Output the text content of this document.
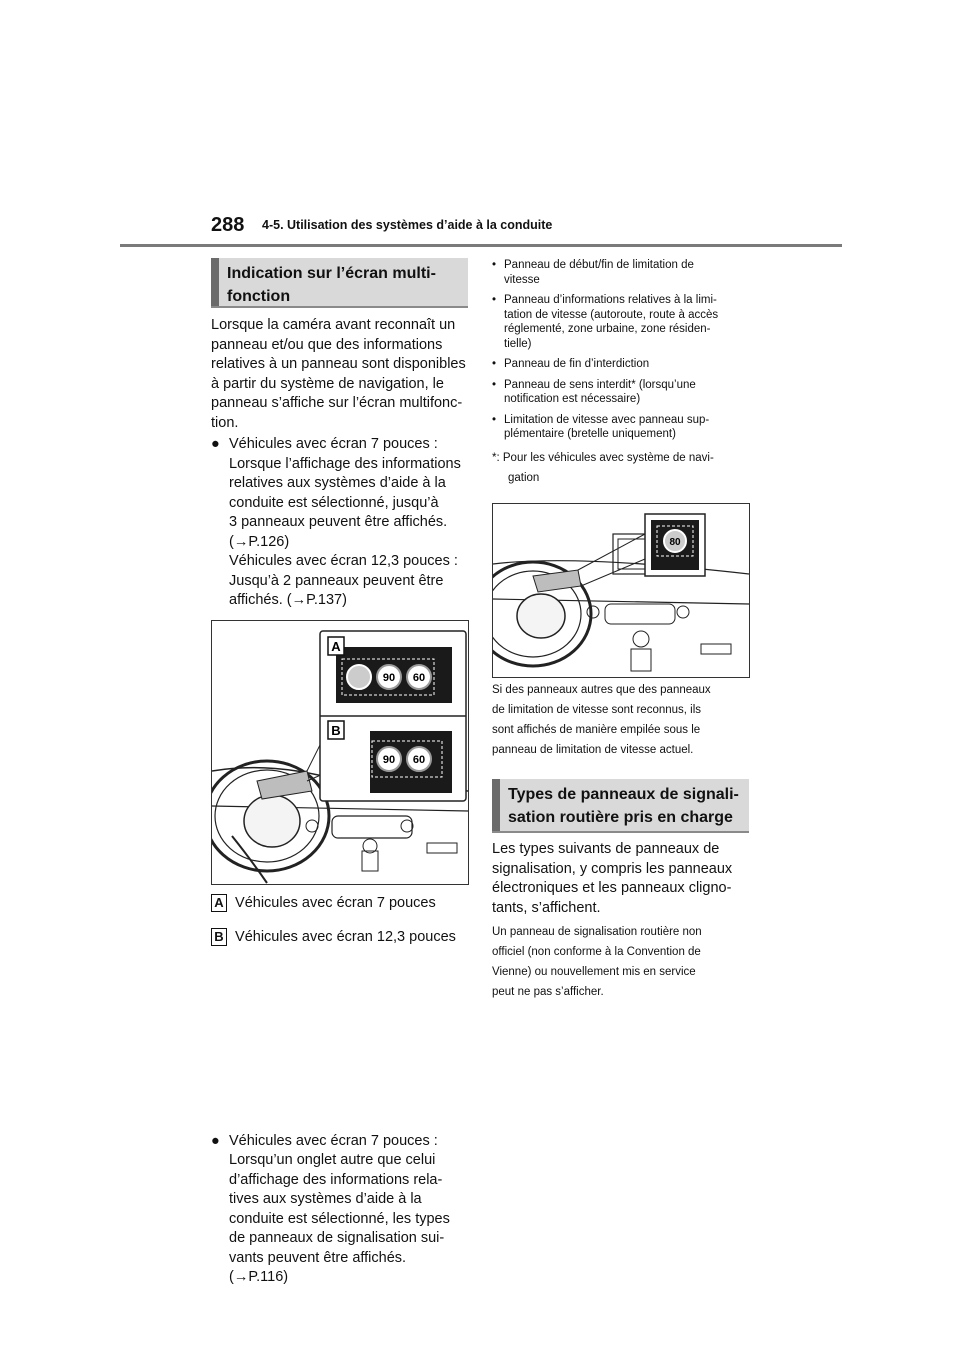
288 4-5. Utilisation des systèmes d’aide à la conduite
Indication sur l’écran multi-
fonction
Lorsque la caméra avant reconnaît un
panneau et/ou que des informations
relatives à un panneau sont disponibles
à partir du système de navigation, le
panneau s’affiche sur l’écran multifonc-
tion.
● Véhicules avec écran 7 pouces :
Lorsque l’affichage des informations
relatives aux systèmes d’aide à la
conduite est sélectionné, jusqu’à
3 panneaux peuvent être affichés.
(→P.126)
Véhicules avec écran 12,3 pouces :
Jusqu’à 2 panneaux peuvent être
affichés. (→P.137)
90 60
90 60
A
B
A Véhicules avec écran 7 pouces
B Véhicules avec écran 12,3 pouces
● Véhicules avec écran 7 pouces :
Lorsqu’un onglet autre que celui
d’affichage des informations rela-
tives aux systèmes d’aide à la
conduite est sélectionné, les types
de panneaux de signalisation sui-
vants peuvent être affichés.
(→P.116)
• Panneau de début/fin de limitation de
vitesse
• Panneau d’informations relatives à la limi-
tation de vitesse (autoroute, route à accès
réglementé, zone urbaine, zone résiden-
tielle)
• Panneau de fin d’interdiction
• Panneau de sens interdit* (lorsqu’une
notification est nécessaire)
• Limitation de vitesse avec panneau sup-
plémentaire (bretelle uniquement)
*: Pour les véhicules avec système de navi-
gation
80
Si des panneaux autres que des panneaux
de limitation de vitesse sont reconnus, ils
sont affichés de manière empilée sous le
panneau de limitation de vitesse actuel.
Types de panneaux de signali-
sation routière pris en charge
Les types suivants de panneaux de
signalisation, y compris les panneaux
électroniques et les panneaux cligno-
tants, s’affichent.
Un panneau de signalisation routière non
officiel (non conforme à la Convention de
Vienne) ou nouvellement mis en service
peut ne pas s’afficher.
